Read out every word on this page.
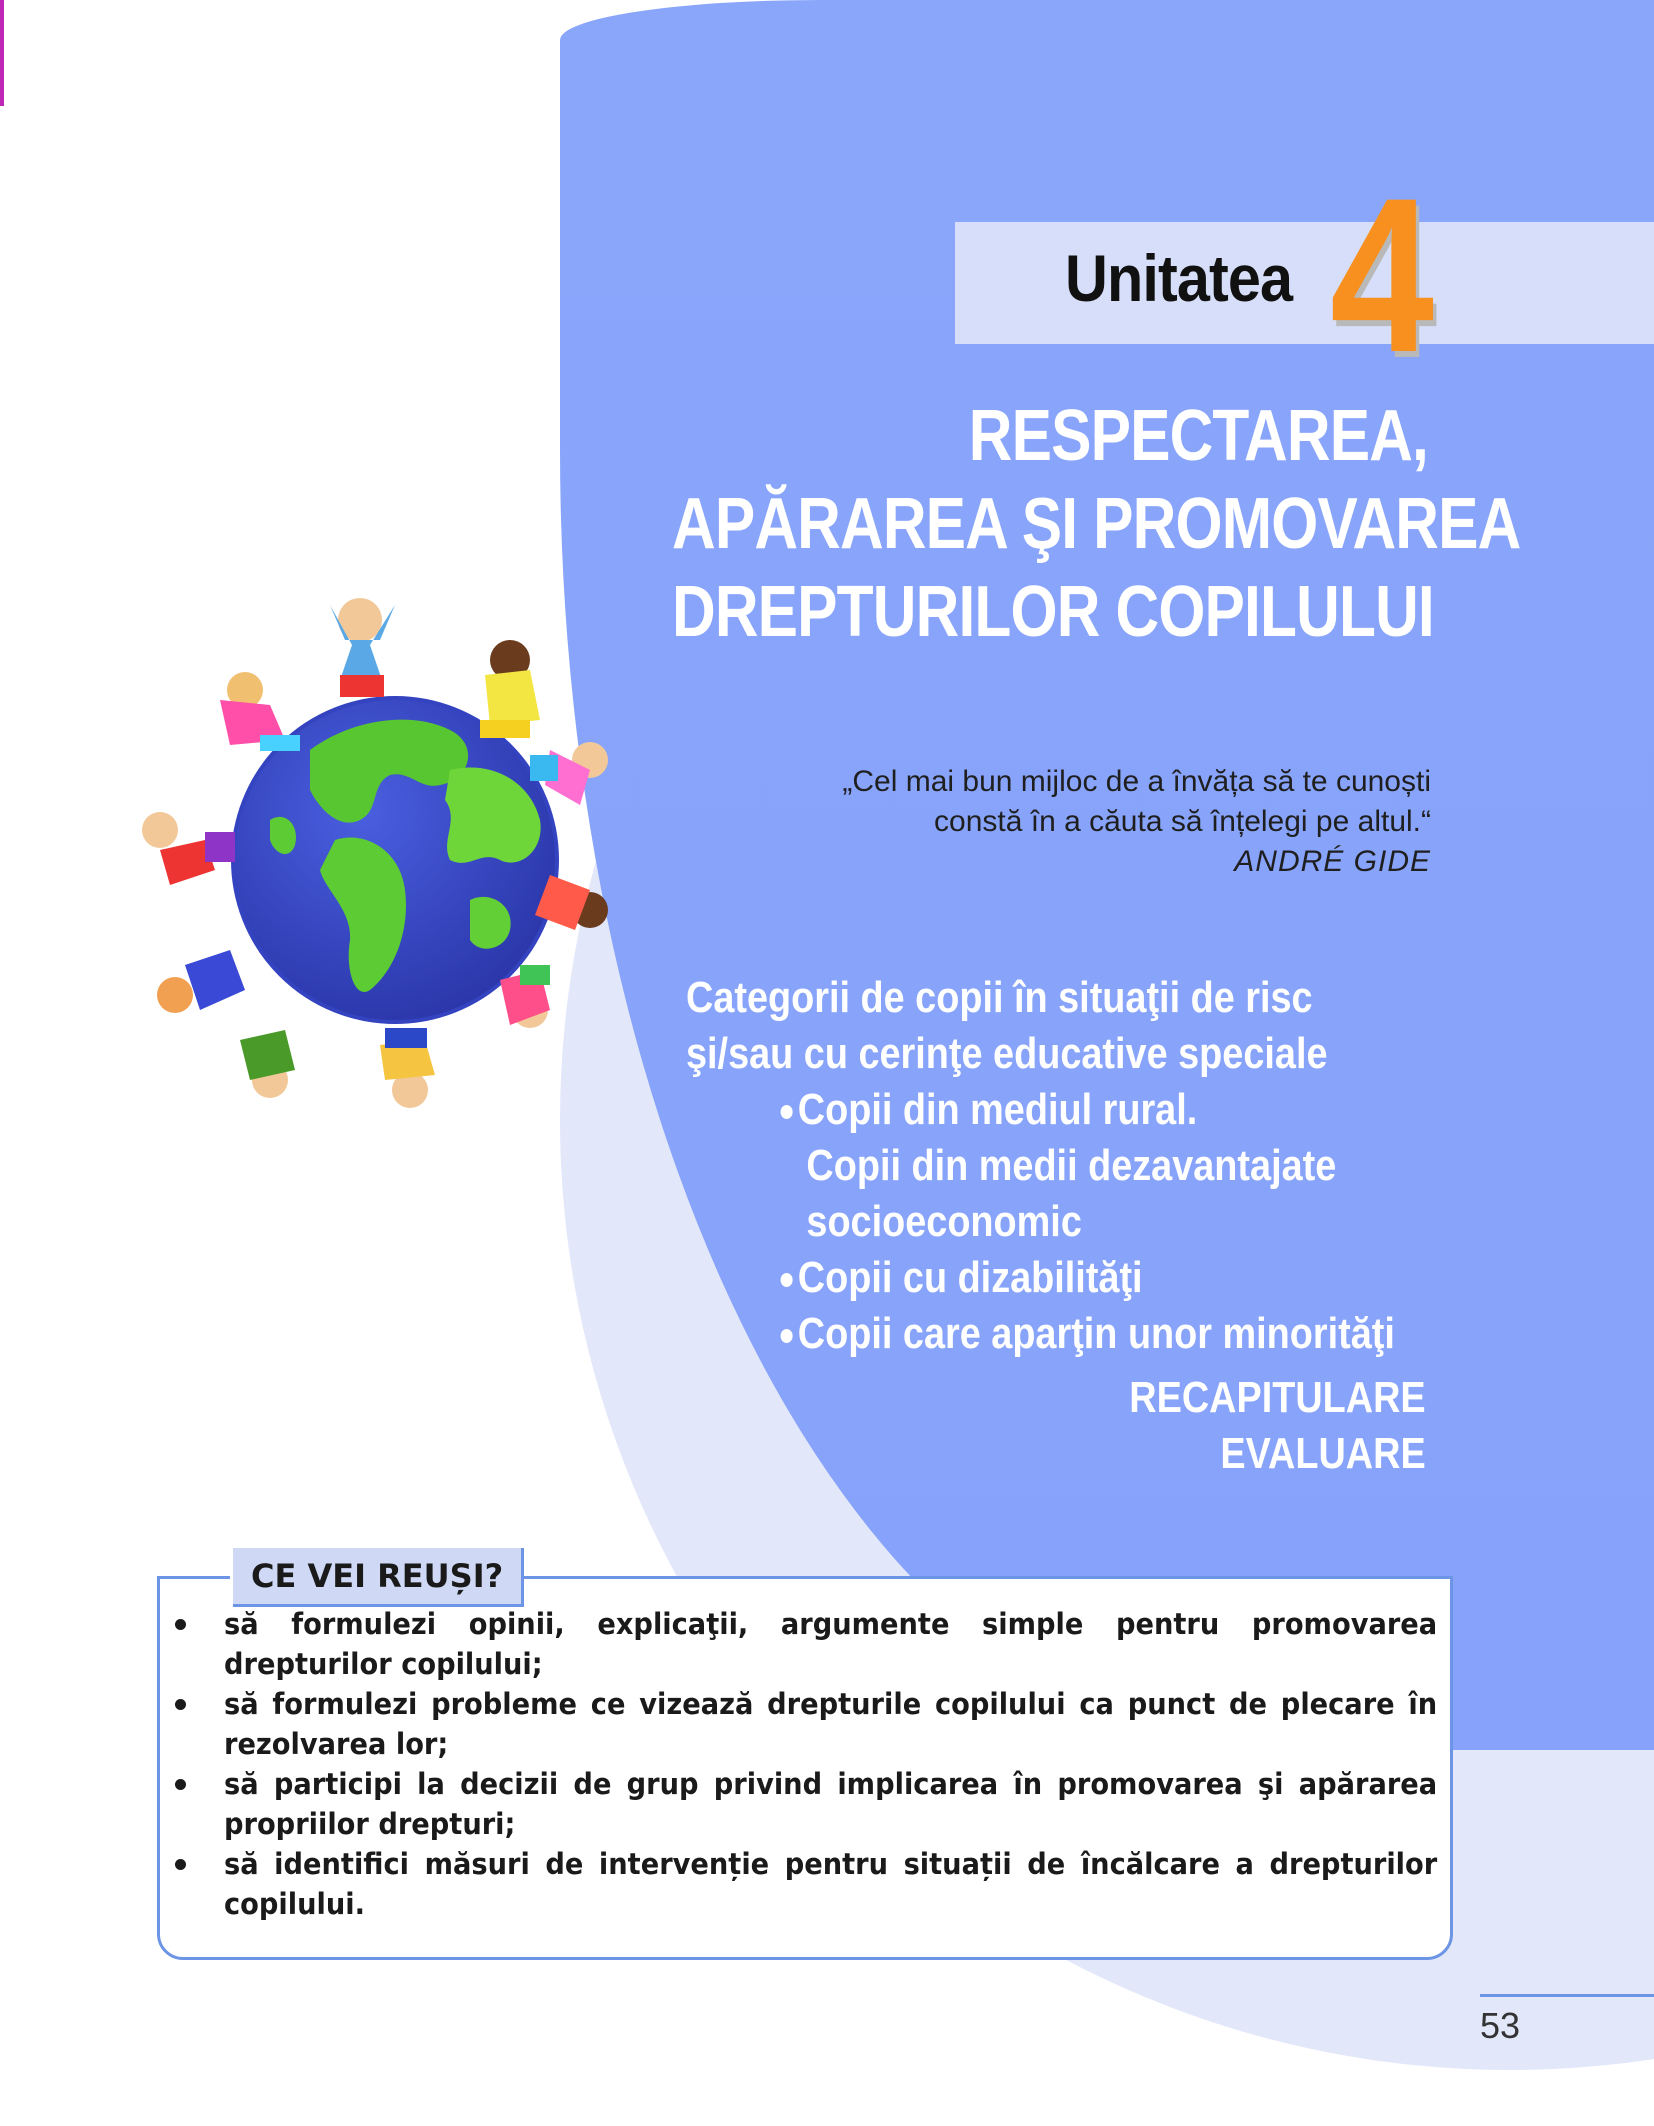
Unitatea 4
RESPECTAREA,
APĂRAREA ŞI PROMOVAREA
DREPTURILOR COPILULUI
„Cel mai bun mijloc de a învăța să te cunoști
constă în a căuta să înțelegi pe altul.“
ANDRÉ GIDE
Categorii de copii în situaţii de risc
şi/sau cu cerinţe educative speciale
Copii din mediul rural.
Copii din medii dezavantajate
socioeconomic
Copii cu dizabilităţi
Copii care aparţin unor minorităţi
RECAPITULARE
EVALUARE
CE VEI REUȘI?
să formulezi opinii, explicaţii, argumente simple pentru promovarea drepturilor copilului;
să formulezi probleme ce vizează drepturile copilului ca punct de plecare în rezolvarea lor;
să participi la decizii de grup privind implicarea în promovarea şi apărarea propriilor drepturi;
să identifici măsuri de intervenție pentru situații de încălcare a drepturilor copilului.
53
